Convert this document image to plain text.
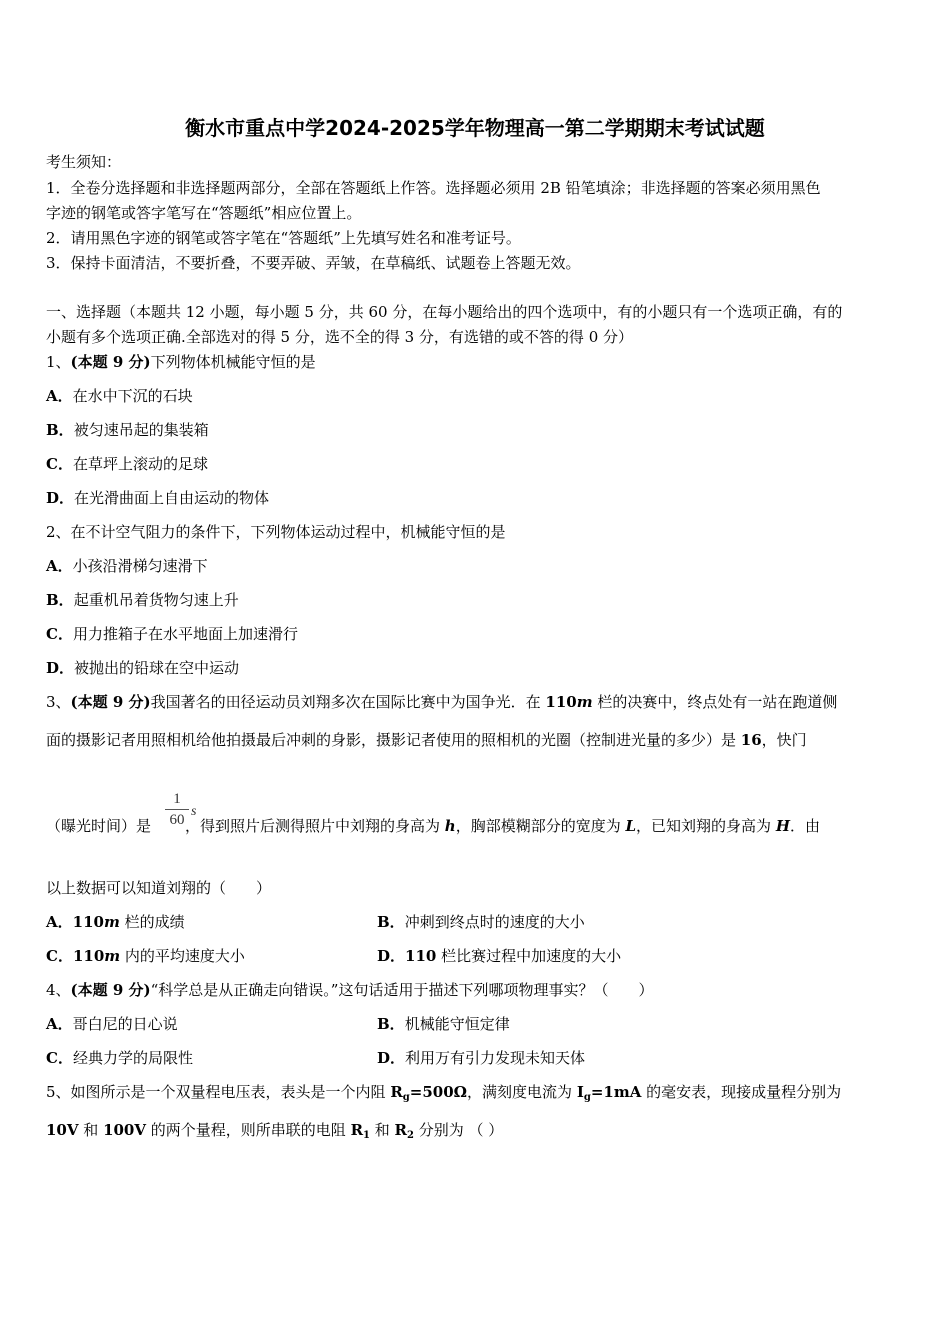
衡水市重点中学2024-2025学年物理高一第二学期期末考试试题
考生须知：
1．全卷分选择题和非选择题两部分，全部在答题纸上作答。选择题必须用 2B 铅笔填涂；非选择题的答案必须用黑色
字迹的钢笔或答字笔写在“答题纸”相应位置上。
2．请用黑色字迹的钢笔或答字笔在“答题纸”上先填写姓名和准考证号。
3．保持卡面清洁，不要折叠，不要弄破、弄皱，在草稿纸、试题卷上答题无效。
一、选择题（本题共 12 小题，每小题 5 分，共 60 分，在每小题给出的四个选项中，有的小题只有一个选项正确，有的
小题有多个选项正确.全部选对的得 5 分，选不全的得 3 分，有选错的或不答的得 0 分）
1、(本题 9 分)下列物体机械能守恒的是
A．在水中下沉的石块
B．被匀速吊起的集装箱
C．在草坪上滚动的足球
D．在光滑曲面上自由运动的物体
2、在不计空气阻力的条件下，下列物体运动过程中，机械能守恒的是
A．小孩沿滑梯匀速滑下
B．起重机吊着货物匀速上升
C．用力推箱子在水平地面上加速滑行
D．被抛出的铅球在空中运动
3、(本题 9 分)我国著名的田径运动员刘翔多次在国际比赛中为国争光．在 110m 栏的决赛中，终点处有一站在跑道侧
面的摄影记者用照相机给他拍摄最后冲刺的身影，摄影记者使用的照相机的光圈（控制进光量的多少）是 16，快门
1
60
s
（曝光时间）是 ，得到照片后测得照片中刘翔的身高为 h，胸部模糊部分的宽度为 L，已知刘翔的身高为 H．由
以上数据可以知道刘翔的（　　）
A．110m 栏的成绩	B．冲刺到终点时的速度的大小
C．110m 内的平均速度大小	D．110 栏比赛过程中加速度的大小
4、(本题 9 分)“科学总是从正确走向错误。”这句话适用于描述下列哪项物理事实？（　　）
A．哥白尼的日心说	B．机械能守恒定律
C．经典力学的局限性	D．利用万有引力发现未知天体
5、如图所示是一个双量程电压表，表头是一个内阻 $R_g=500\Omega$，满刻度电流为 $I_g=1mA$ 的毫安表，现接成量程分别为
10V 和 100V 的两个量程，则所串联的电阻 $R_1$ 和 $R_2$ 分别为 （ ）
